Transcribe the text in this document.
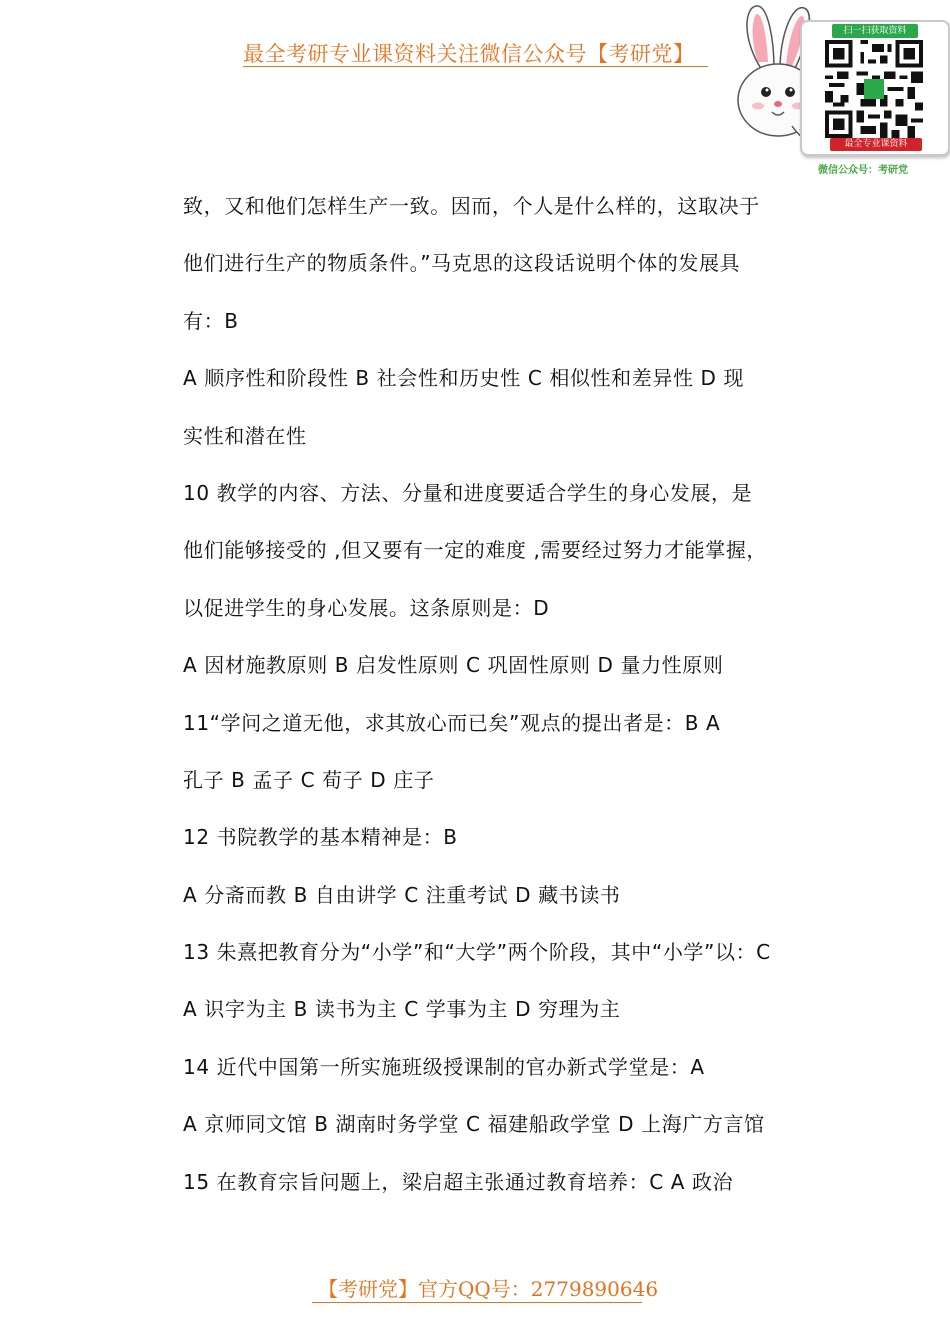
最全考研专业课资料关注微信公众号【考研党】
扫一扫获取资料
最全专业课资料
微信公众号：考研党
致，又和他们怎样生产一致。因而，个人是什么样的，这取决于
他们进行生产的物质条件。”马克思的这段话说明个体的发展具
有：B
A 顺序性和阶段性 B 社会性和历史性 C 相似性和差异性 D 现
实性和潜在性
10 教学的内容、方法、分量和进度要适合学生的身心发展，是
他们能够接受的 ,但又要有一定的难度 ,需要经过努力才能掌握，
以促进学生的身心发展。这条原则是：D
A 因材施教原则 B 启发性原则 C 巩固性原则 D 量力性原则
11“学问之道无他，求其放心而已矣”观点的提出者是：B A
孔子 B 孟子 C 荀子 D 庄子
12 书院教学的基本精神是：B
A 分斋而教 B 自由讲学 C 注重考试 D 藏书读书
13 朱熹把教育分为“小学”和“大学”两个阶段，其中“小学”以：C
A 识字为主 B 读书为主 C 学事为主 D 穷理为主
14 近代中国第一所实施班级授课制的官办新式学堂是：A
A 京师同文馆 B 湖南时务学堂 C 福建船政学堂 D 上海广方言馆
15 在教育宗旨问题上，梁启超主张通过教育培养：C A 政治
【考研党】官方QQ号：2779890646
